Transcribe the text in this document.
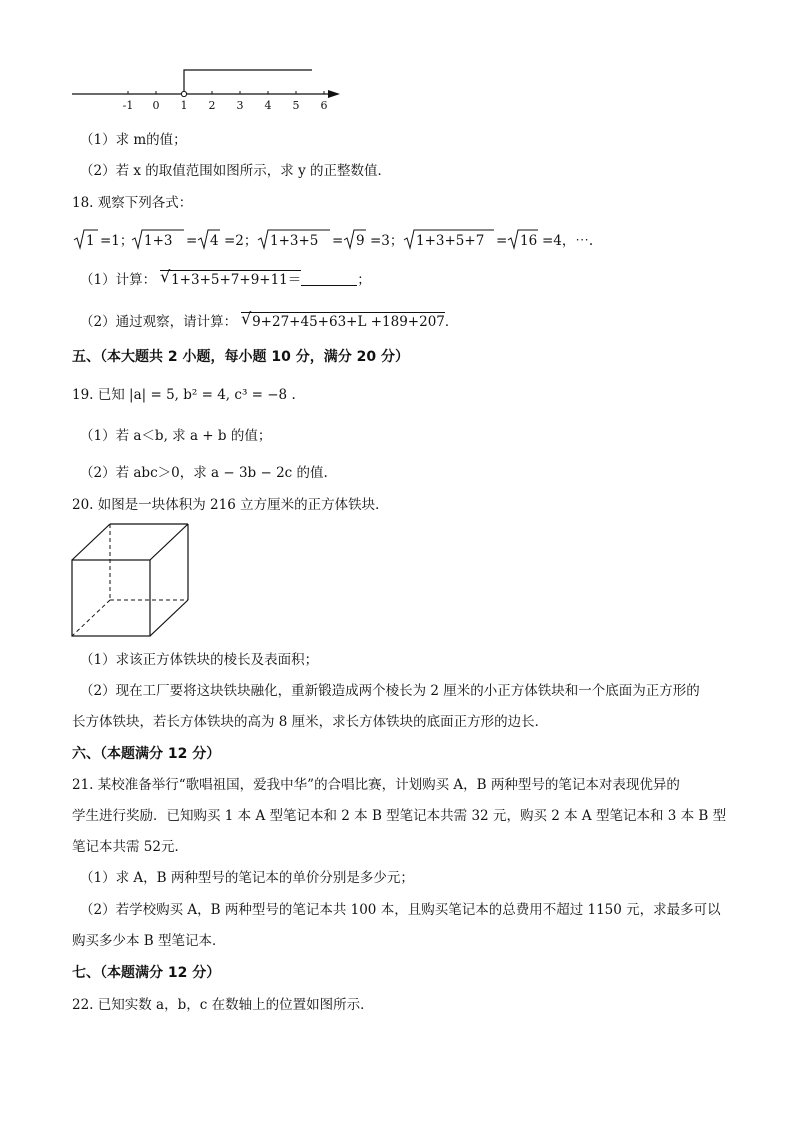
-1 0 1 2 3 4 5 6
（1）求 m的值；
（2）若 x 的取值范围如图所示，求 y 的正整数值．
18. 观察下列各式：
1 =1； 1+3 = 4 =2； 1+3+5 = 9 =3； 1+3+5+7 = 16 =4，⋯.
（1）计算： √ 1+3+5+7+9+11＝	；
（2）通过观察，请计算： √ 9+27+45+63+L +189+207．
五、（本大题共 2 小题，每小题 10 分，满分 20 分）
19. 已知 |a| = 5, b² = 4, c³ = −8 .
（1）若 a＜b, 求 a + b 的值；
（2）若 abc＞0，求 a − 3b − 2c 的值.
20. 如图是一块体积为 216 立方厘米的正方体铁块．
（1）求该正方体铁块的棱长及表面积；
（2）现在工厂要将这块铁块融化，重新锻造成两个棱长为 2 厘米的小正方体铁块和一个底面为正方形的
长方体铁块，若长方体铁块的高为 8 厘米，求长方体铁块的底面正方形的边长．
六、（本题满分 12 分）
21. 某校准备举行“歌唱祖国，爱我中华”的合唱比赛，计划购买 A，B 两种型号的笔记本对表现优异的
学生进行奖励．已知购买 1 本 A 型笔记本和 2 本 B 型笔记本共需 32 元，购买 2 本 A 型笔记本和 3 本 B 型
笔记本共需 52元．
（1）求 A，B 两种型号的笔记本的单价分别是多少元；
（2）若学校购买 A，B 两种型号的笔记本共 100 本，且购买笔记本的总费用不超过 1150 元，求最多可以
购买多少本 B 型笔记本．
七、（本题满分 12 分）
22. 已知实数 a，b，c 在数轴上的位置如图所示．
